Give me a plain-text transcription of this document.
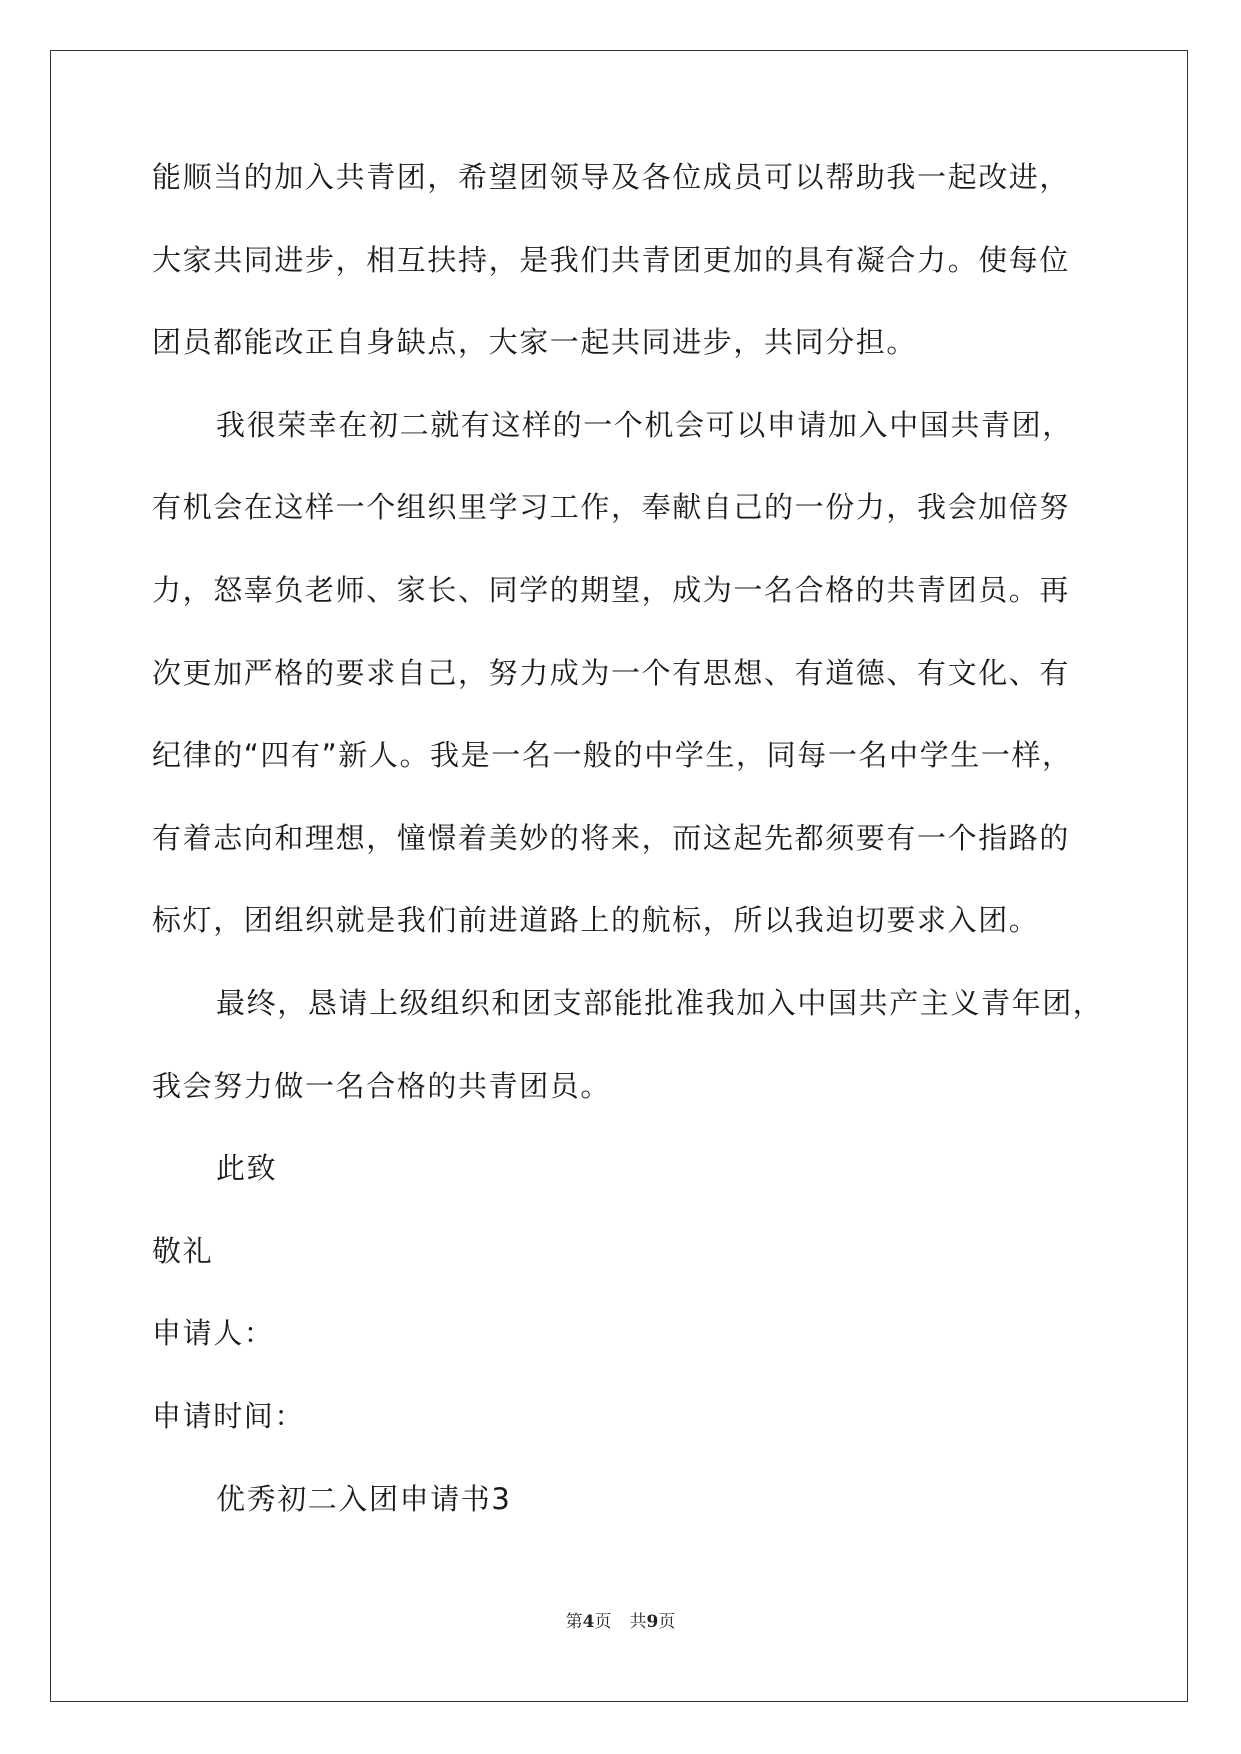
能顺当的加入共青团，希望团领导及各位成员可以帮助我一起改进，
大家共同进步，相互扶持，是我们共青团更加的具有凝合力。使每位
团员都能改正自身缺点，大家一起共同进步，共同分担。
我很荣幸在初二就有这样的一个机会可以申请加入中国共青团，
有机会在这样一个组织里学习工作，奉献自己的一份力，我会加倍努
力，怒辜负老师、家长、同学的期望，成为一名合格的共青团员。再
次更加严格的要求自己，努力成为一个有思想、有道德、有文化、有
纪律的“四有”新人。我是一名一般的中学生，同每一名中学生一样，
有着志向和理想，憧憬着美妙的将来，而这起先都须要有一个指路的
标灯，团组织就是我们前进道路上的航标，所以我迫切要求入团。
最终，恳请上级组织和团支部能批准我加入中国共产主义青年团，
我会努力做一名合格的共青团员。
此致
敬礼
申请人：
申请时间：
优秀初二入团申请书3
第4页 共9页
